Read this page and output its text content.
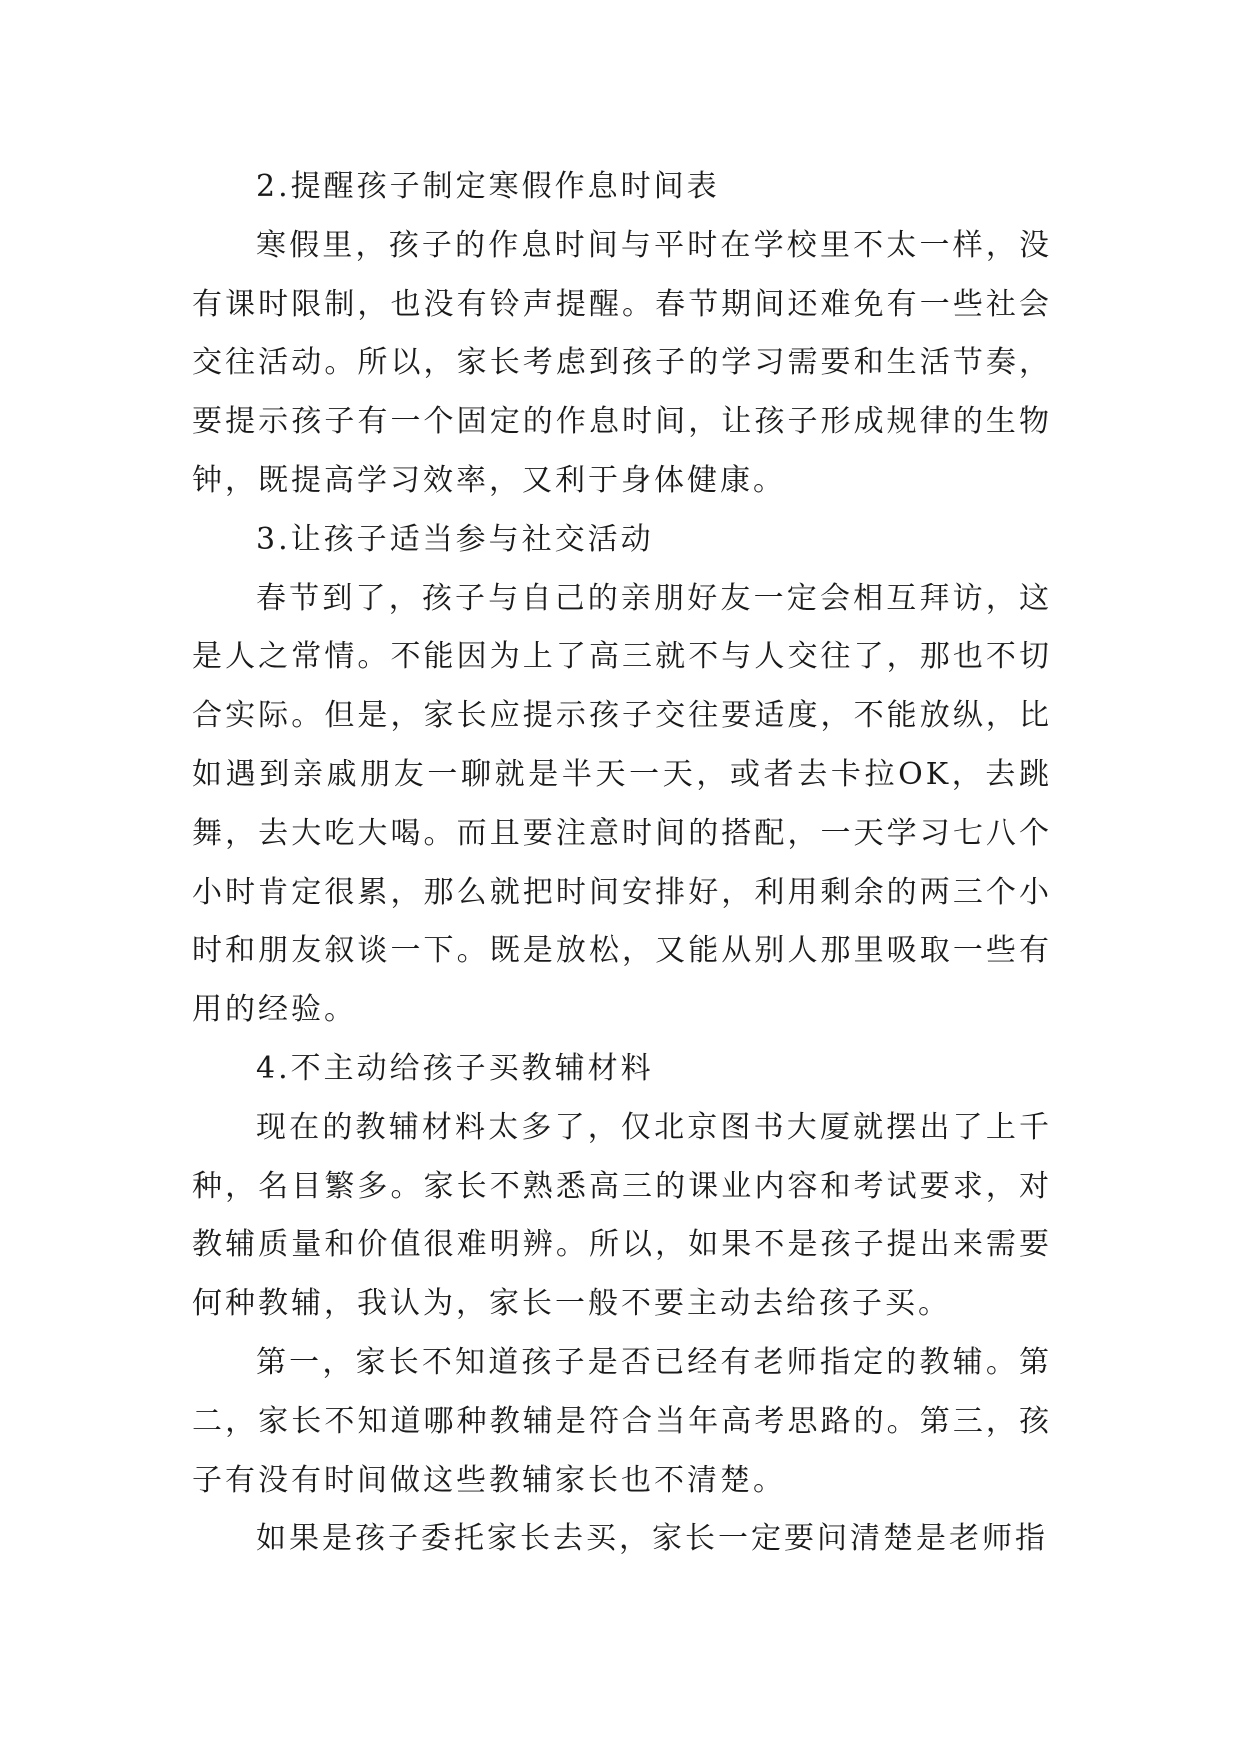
2.提醒孩子制定寒假作息时间表

寒假里，孩子的作息时间与平时在学校里不太一样，没有课时限制，也没有铃声提醒。春节期间还难免有一些社会交往活动。所以，家长考虑到孩子的学习需要和生活节奏，要提示孩子有一个固定的作息时间，让孩子形成规律的生物钟，既提高学习效率，又利于身体健康。

3.让孩子适当参与社交活动

春节到了，孩子与自己的亲朋好友一定会相互拜访，这是人之常情。不能因为上了高三就不与人交往了，那也不切合实际。但是，家长应提示孩子交往要适度，不能放纵，比如遇到亲戚朋友一聊就是半天一天，或者去卡拉OK，去跳舞，去大吃大喝。而且要注意时间的搭配，一天学习七八个小时肯定很累，那么就把时间安排好，利用剩余的两三个小时和朋友叙谈一下。既是放松，又能从别人那里吸取一些有用的经验。

4.不主动给孩子买教辅材料

现在的教辅材料太多了，仅北京图书大厦就摆出了上千种，名目繁多。家长不熟悉高三的课业内容和考试要求，对教辅质量和价值很难明辨。所以，如果不是孩子提出来需要何种教辅，我认为，家长一般不要主动去给孩子买。

第一，家长不知道孩子是否已经有老师指定的教辅。第二，家长不知道哪种教辅是符合当年高考思路的。第三，孩子有没有时间做这些教辅家长也不清楚。

如果是孩子委托家长去买，家长一定要问清楚是老师指
